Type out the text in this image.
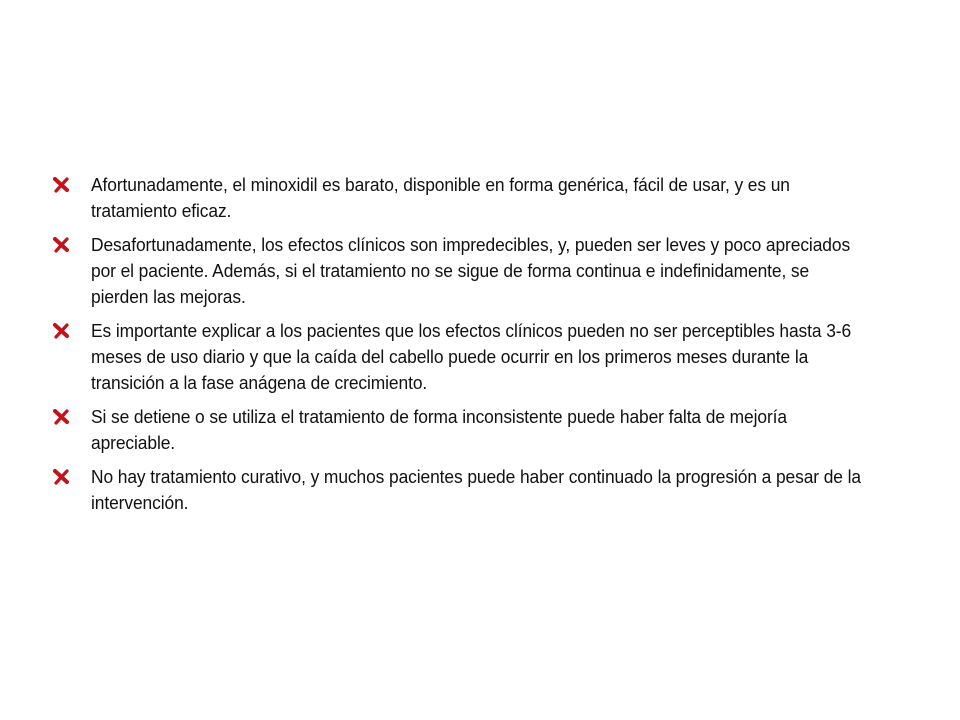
Afortunadamente, el minoxidil es barato, disponible en forma genérica, fácil de usar, y es un tratamiento eficaz.
Desafortunadamente, los efectos clínicos son impredecibles, y, pueden ser leves y poco apreciados por el paciente. Además, si el tratamiento no se sigue de forma continua e indefinidamente, se pierden las mejoras.
Es importante explicar a los pacientes que los efectos clínicos pueden no ser perceptibles hasta 3-6 meses de uso diario y que la caída del cabello puede ocurrir en los primeros meses durante la transición a la fase anágena de crecimiento.
Si se detiene o se utiliza el tratamiento de forma inconsistente puede haber falta de mejoría apreciable.
No hay tratamiento curativo, y muchos pacientes puede haber continuado la progresión a pesar de la intervención.
